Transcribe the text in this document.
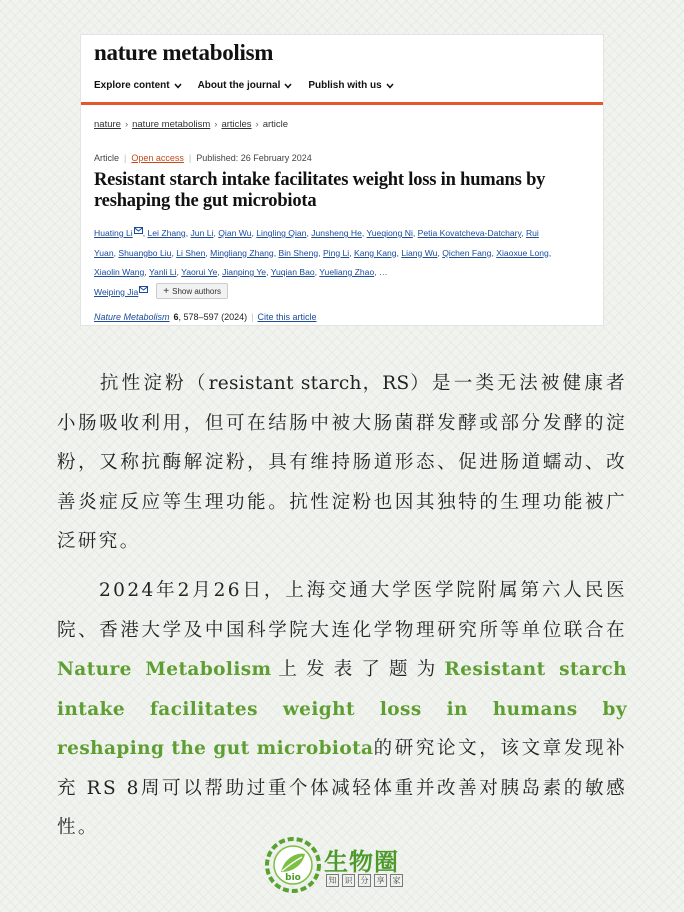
nature metabolism
Explore content	About the journal	Publish with us
nature › nature metabolism › articles › article
Article | Open access | Published: 26 February 2024
Resistant starch intake facilitates weight loss in humans by reshaping the gut microbiota
Huating Li , Lei Zhang, Jun Li, Qian Wu, Lingling Qian, Junsheng He, Yueqiong Ni, Petia Kovatcheva-Datchary, Rui Yuan, Shuangbo Liu, Li Shen, Mingliang Zhang, Bin Sheng, Ping Li, Kang Kang, Liang Wu, Qichen Fang, Xiaoxue Long, Xiaolin Wang, Yanli Li, Yaorui Ye, Jianping Ye, Yuqian Bao, Yueliang Zhao, …
Weiping Jia	+ Show authors
Nature Metabolism 6 , 578–597 (2024) | Cite this article

抗性淀粉（resistant starch，RS）是一类无法被健康者小肠吸收利用，但可在结肠中被大肠菌群发酵或部分发酵的淀粉，又称抗酶解淀粉，具有维持肠道形态、促进肠道蠕动、改善炎症反应等生理功能。抗性淀粉也因其独特的生理功能被广泛研究。

2024年2月26日，上海交通大学医学院附属第六人民医院、香港大学及中国科学院大连化学物理研究所等单位联合在Nature Metabolism上发表了题为Resistant starch intake facilitates weight loss in humans by reshaping the gut microbiota的研究论文，该文章发现补充 RS 8周可以帮助过重个体减轻体重并改善对胰岛素的敏感性。

bio
生物圈
知	识	分	享	家
